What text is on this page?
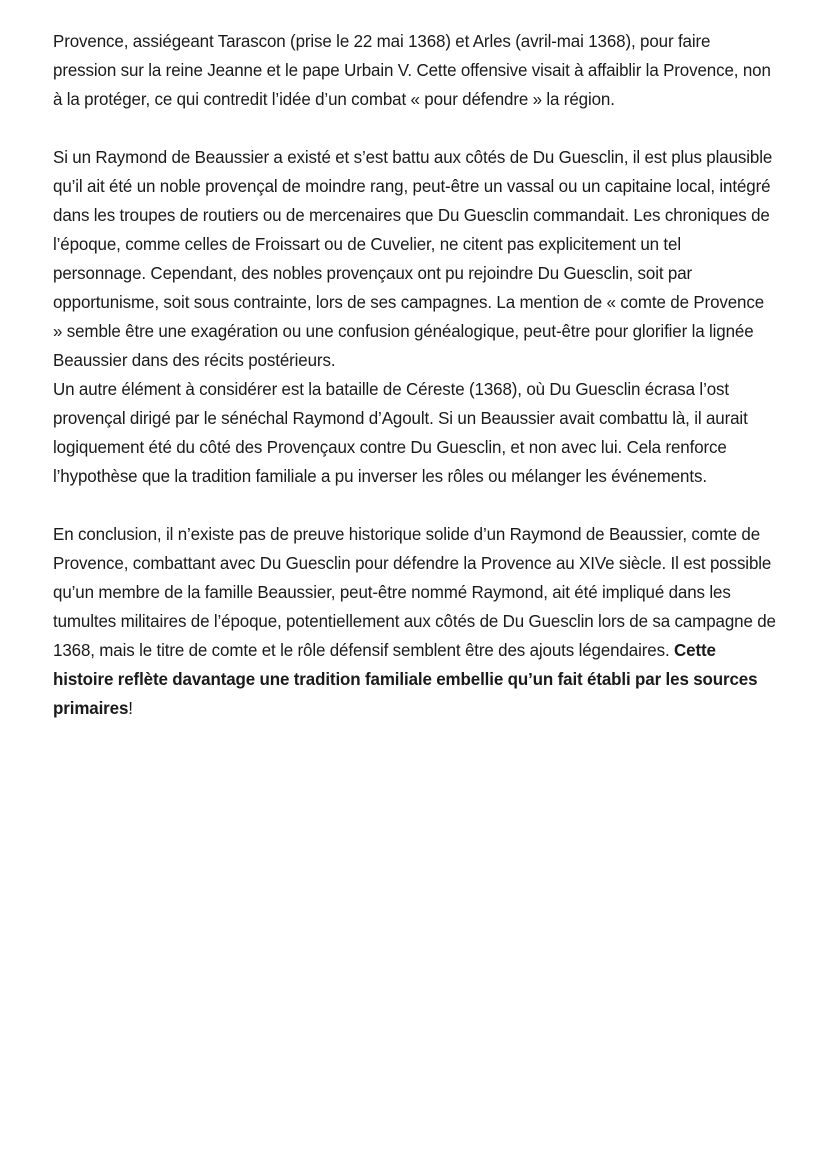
Provence, assiégeant Tarascon (prise le 22 mai 1368) et Arles (avril-mai 1368), pour faire pression sur la reine Jeanne et le pape Urbain V. Cette offensive visait à affaiblir la Provence, non à la protéger, ce qui contredit l’idée d’un combat « pour défendre » la région.

Si un Raymond de Beaussier a existé et s’est battu aux côtés de Du Guesclin, il est plus plausible qu’il ait été un noble provençal de moindre rang, peut-être un vassal ou un capitaine local, intégré dans les troupes de routiers ou de mercenaires que Du Guesclin commandait. Les chroniques de l’époque, comme celles de Froissart ou de Cuvelier, ne citent pas explicitement un tel personnage. Cependant, des nobles provençaux ont pu rejoindre Du Guesclin, soit par opportunisme, soit sous contrainte, lors de ses campagnes. La mention de « comte de Provence » semble être une exagération ou une confusion généalogique, peut-être pour glorifier la lignée Beaussier dans des récits postérieurs.

Un autre élément à considérer est la bataille de Céreste (1368), où Du Guesclin écrasa l’ost provençal dirigé par le sénéchal Raymond d’Agoult. Si un Beaussier avait combattu là, il aurait logiquement été du côté des Provençaux contre Du Guesclin, et non avec lui. Cela renforce l’hypothèse que la tradition familiale a pu inverser les rôles ou mélanger les événements.

En conclusion, il n’existe pas de preuve historique solide d’un Raymond de Beaussier, comte de Provence, combattant avec Du Guesclin pour défendre la Provence au XIVe siècle. Il est possible qu’un membre de la famille Beaussier, peut-être nommé Raymond, ait été impliqué dans les tumultes militaires de l’époque, potentiellement aux côtés de Du Guesclin lors de sa campagne de 1368, mais le titre de comte et le rôle défensif semblent être des ajouts légendaires. Cette histoire reflète davantage une tradition familiale embellie qu’un fait établi par les sources primaires!
